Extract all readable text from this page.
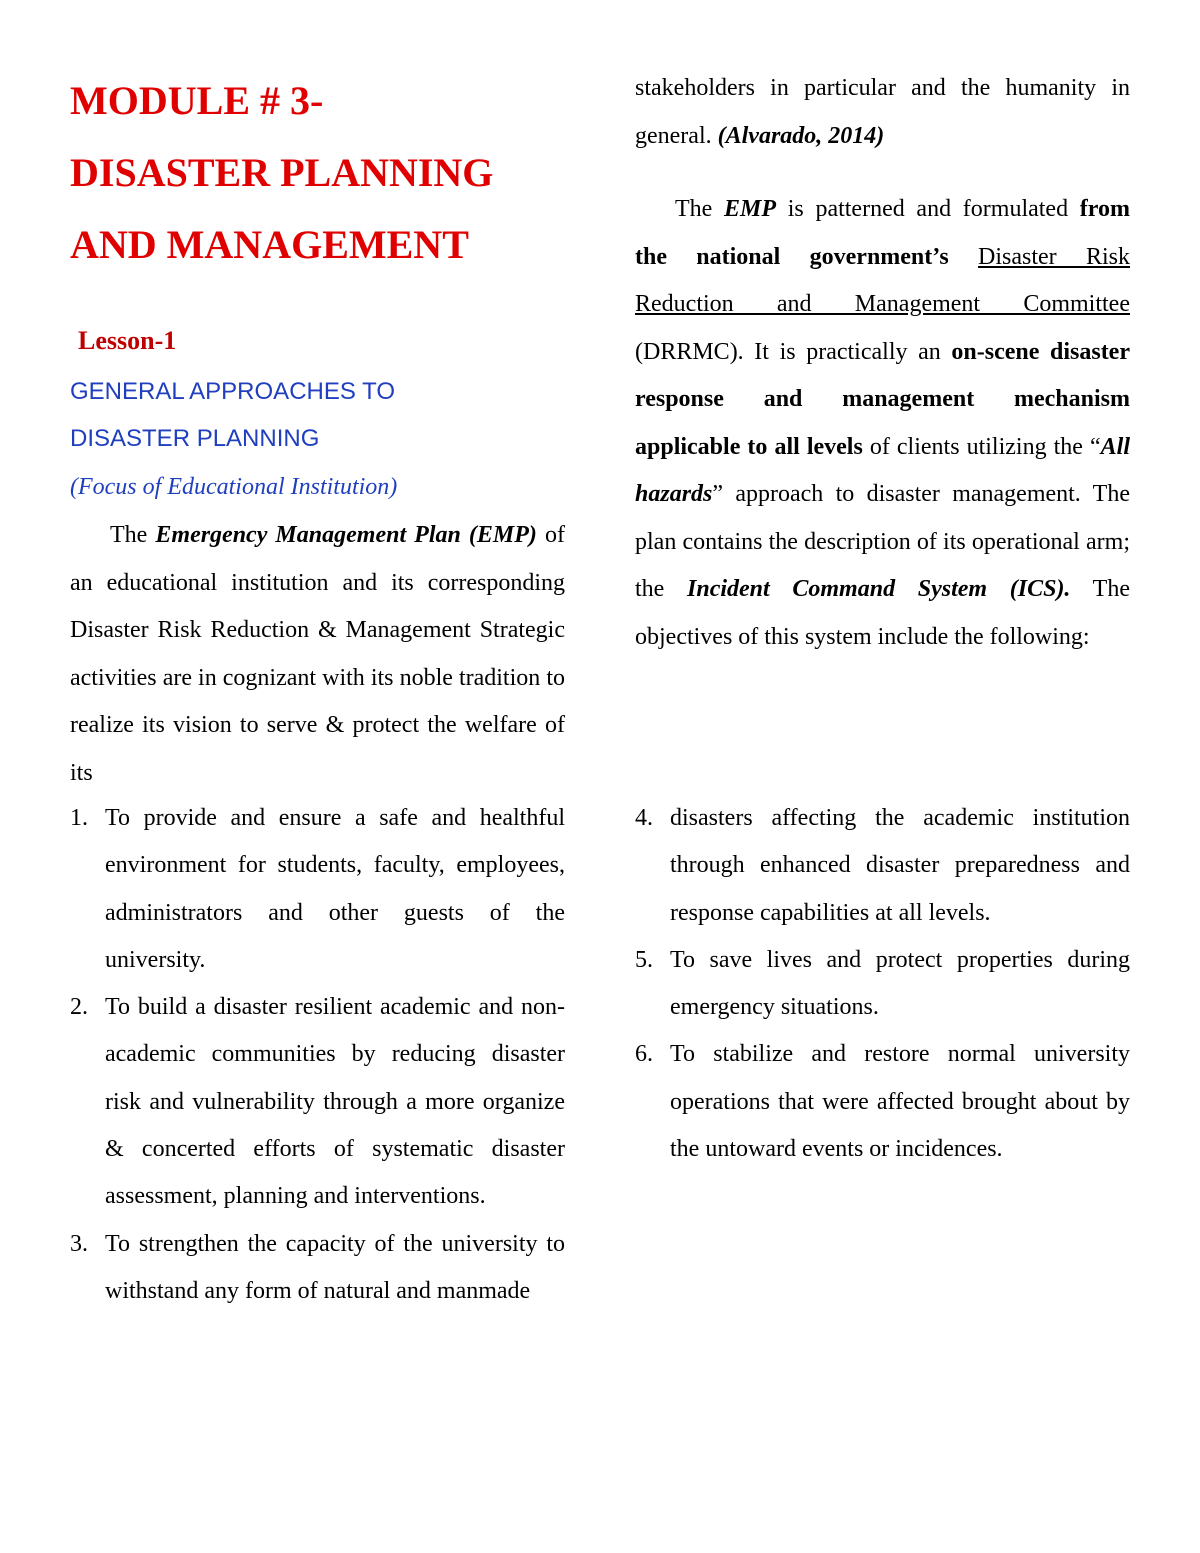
MODULE # 3-

DISASTER PLANNING

AND MANAGEMENT

Lesson-1

GENERAL APPROACHES TO

DISASTER PLANNING

(Focus of Educational Institution)

The Emergency Management Plan (EMP) of an educational institution and its corresponding Disaster Risk Reduction & Management Strategic activities are in cognizant with its noble tradition to realize its vision to serve & protect the welfare of its

1. To provide and ensure a safe and healthful environment for students, faculty, employees, administrators and other guests of the university.
2. To build a disaster resilient academic and non-academic communities by reducing disaster risk and vulnerability through a more organize & concerted efforts of systematic disaster assessment, planning and interventions.
3. To strengthen the capacity of the university to withstand any form of natural and manmade

stakeholders in particular and the humanity in general. (Alvarado, 2014)

The EMP is patterned and formulated from the national government’s Disaster Risk Reduction and Management Committee (DRRMC). It is practically an on-scene disaster response and management mechanism applicable to all levels of clients utilizing the “All hazards” approach to disaster management. The plan contains the description of its operational arm; the Incident Command System (ICS). The objectives of this system include the following:

4. disasters affecting the academic institution through enhanced disaster preparedness and response capabilities at all levels.
5. To save lives and protect properties during emergency situations.
6. To stabilize and restore normal university operations that were affected brought about by the untoward events or incidences.
